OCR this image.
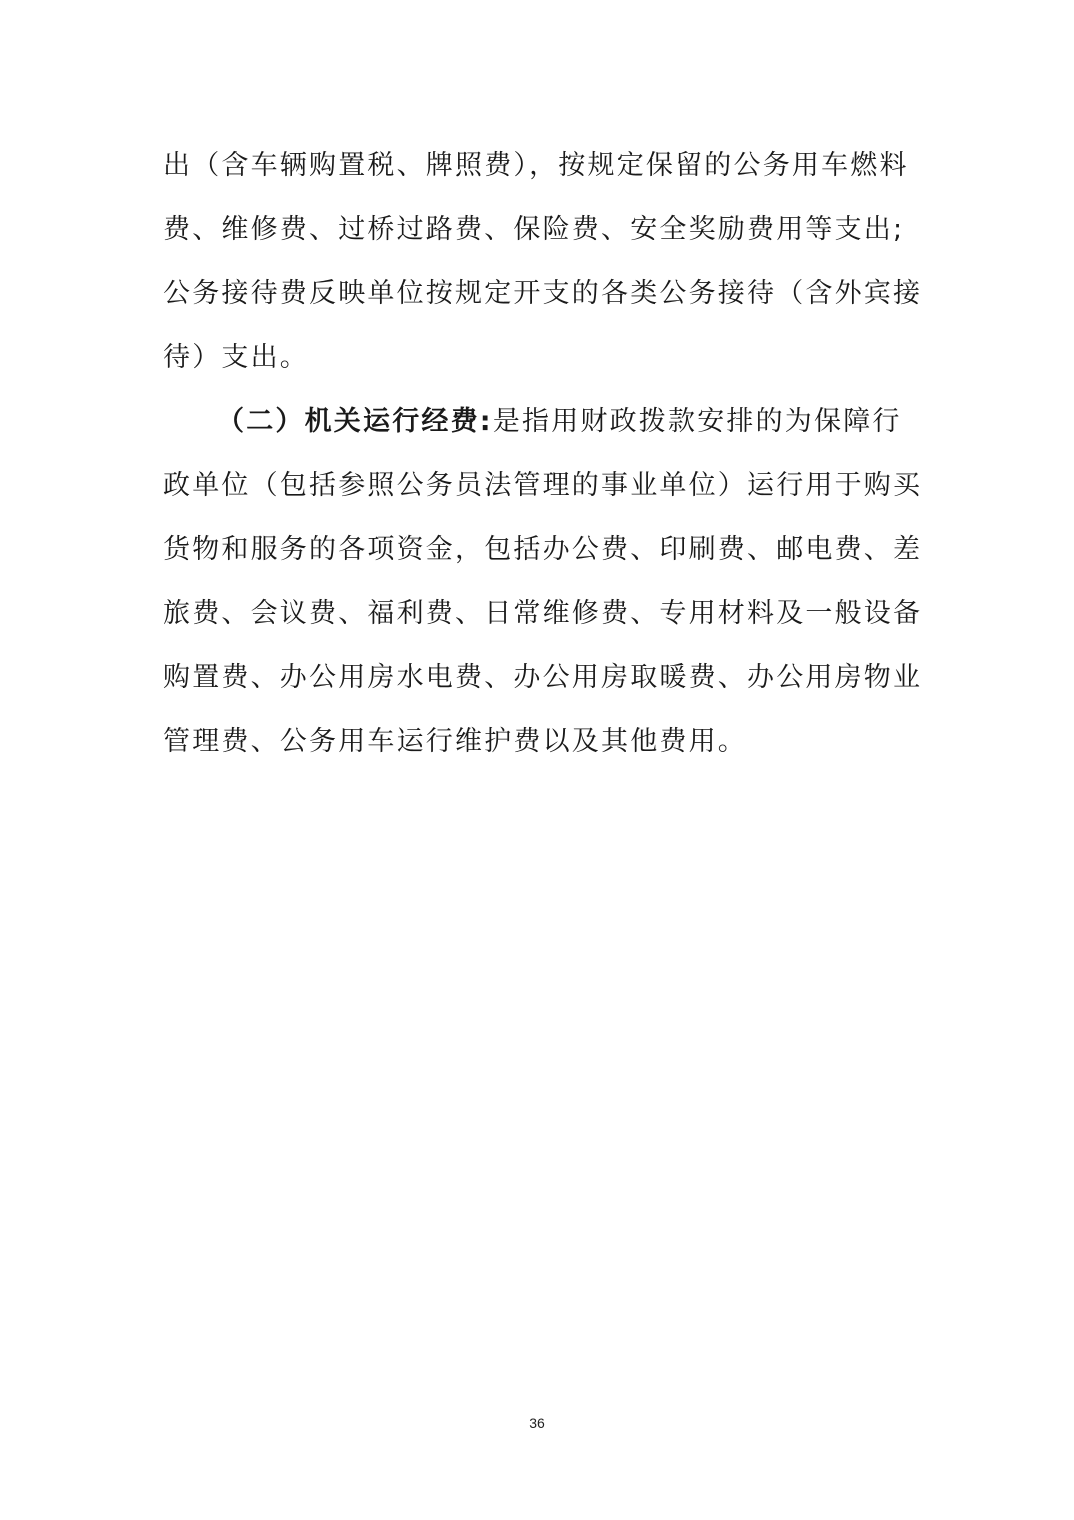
出（含车辆购置税、牌照费），按规定保留的公务用车燃料
费、维修费、过桥过路费、保险费、安全奖励费用等支出;
公务接待费反映单位按规定开支的各类公务接待（含外宾接
待）支出。
（二）机关运行经费:是指用财政拨款安排的为保障行
政单位（包括参照公务员法管理的事业单位）运行用于购买
货物和服务的各项资金，包括办公费、印刷费、邮电费、差
旅费、会议费、福利费、日常维修费、专用材料及一般设备
购置费、办公用房水电费、办公用房取暖费、办公用房物业
管理费、公务用车运行维护费以及其他费用。
36
